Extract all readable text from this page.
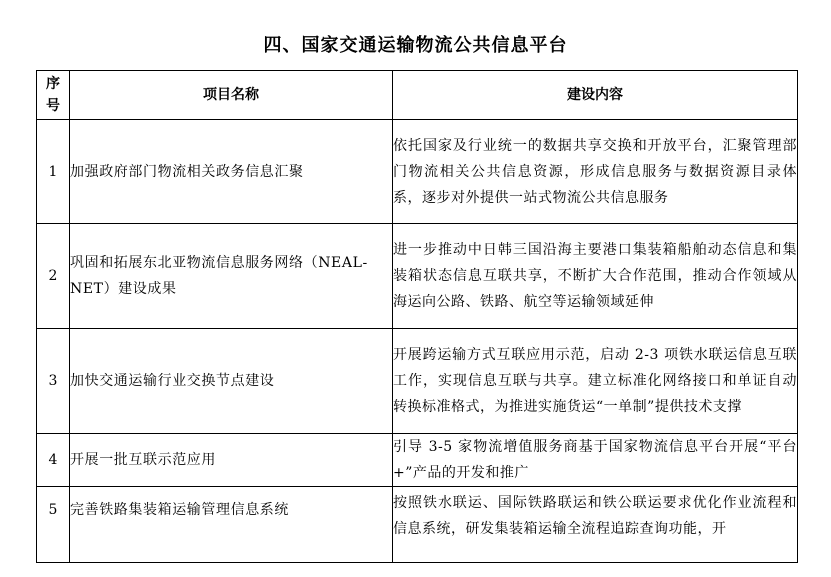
四、国家交通运输物流公共信息平台
序
号	项目名称	建设内容
1	加强政府部门物流相关政务信息汇聚	依托国家及行业统一的数据共享交换和开放平台，汇聚管理部门物流相关公共信息资源，形成信息服务与数据资源目录体系，逐步对外提供一站式物流公共信息服务
2	巩固和拓展东北亚物流信息服务网络（NEAL-NET）建设成果	进一步推动中日韩三国沿海主要港口集装箱船舶动态信息和集装箱状态信息互联共享，不断扩大合作范围，推动合作领域从海运向公路、铁路、航空等运输领域延伸
3	加快交通运输行业交换节点建设	开展跨运输方式互联应用示范，启动 2-3 项铁水联运信息互联工作，实现信息互联与共享。建立标准化网络接口和单证自动转换标准格式，为推进实施货运“一单制”提供技术支撑
4	开展一批互联示范应用	引导 3-5 家物流增值服务商基于国家物流信息平台开展“平台+”产品的开发和推广
5	完善铁路集装箱运输管理信息系统	按照铁水联运、国际铁路联运和铁公联运要求优化作业流程和信息系统，研发集装箱运输全流程追踪查询功能，开
